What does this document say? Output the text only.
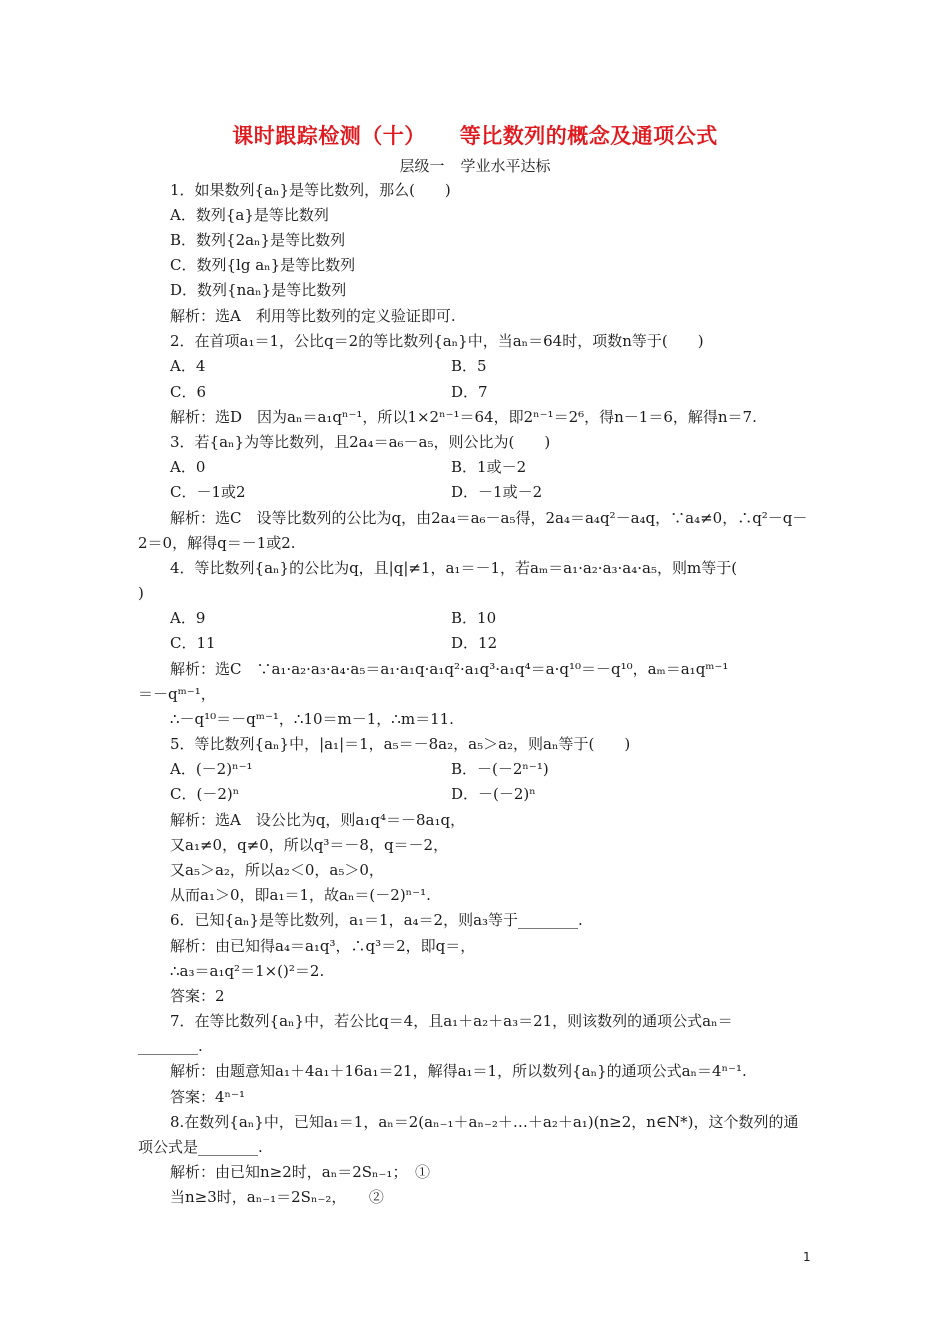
课时跟踪检测（十） 等比数列的概念及通项公式
层级一 学业水平达标
1．如果数列{aₙ}是等比数列，那么(　　)
A．数列{a}是等比数列
B．数列{2aₙ}是等比数列
C．数列{lg aₙ}是等比数列
D．数列{naₙ}是等比数列
解析：选A　利用等比数列的定义验证即可.
2．在首项a₁＝1，公比q＝2的等比数列{aₙ}中，当aₙ＝64时，项数n等于(　　)
A．4	B．5
C．6	D．7
解析：选D　因为aₙ＝a₁qⁿ⁻¹，所以1×2ⁿ⁻¹＝64，即2ⁿ⁻¹＝2⁶，得n－1＝6，解得n＝7.
3．若{aₙ}为等比数列，且2a₄＝a₆－a₅，则公比为(　　)
A．0	B．1或－2
C．－1或2	D．－1或－2
解析：选C　设等比数列的公比为q，由2a₄＝a₆－a₅得，2a₄＝a₄q²－a₄q，∵a₄≠0，∴q²－q－
2＝0，解得q＝－1或2.
4．等比数列{aₙ}的公比为q，且|q|≠1，a₁＝－1，若aₘ＝a₁·a₂·a₃·a₄·a₅，则m等于(
)
A．9	B．10
C．11	D．12
解析：选C　∵a₁·a₂·a₃·a₄·a₅＝a₁·a₁q·a₁q²·a₁q³·a₁q⁴＝a·q¹⁰＝－q¹⁰，aₘ＝a₁qᵐ⁻¹
＝－qᵐ⁻¹，
∴－q¹⁰＝－qᵐ⁻¹，∴10＝m－1，∴m＝11.
5．等比数列{aₙ}中，|a₁|＝1，a₅＝－8a₂，a₅＞a₂，则aₙ等于(　　)
A．(－2)ⁿ⁻¹	B．－(－2ⁿ⁻¹)
C．(－2)ⁿ	D．－(－2)ⁿ
解析：选A　设公比为q，则a₁q⁴＝－8a₁q，
又a₁≠0，q≠0，所以q³＝－8，q＝－2，
又a₅＞a₂，所以a₂＜0，a₅＞0，
从而a₁＞0，即a₁＝1，故aₙ＝(－2)ⁿ⁻¹.
6．已知{aₙ}是等比数列，a₁＝1，a₄＝2，则a₃等于________.
解析：由已知得a₄＝a₁q³，∴q³＝2，即q＝，
∴a₃＝a₁q²＝1×()²＝2.
答案：2
7．在等比数列{aₙ}中，若公比q＝4，且a₁＋a₂＋a₃＝21，则该数列的通项公式aₙ＝
________.
解析：由题意知a₁＋4a₁＋16a₁＝21，解得a₁＝1，所以数列{aₙ}的通项公式aₙ＝4ⁿ⁻¹.
答案：4ⁿ⁻¹
8.在数列{aₙ}中，已知a₁＝1，aₙ＝2(aₙ₋₁＋aₙ₋₂＋…＋a₂＋a₁)(n≥2，n∈N*)，这个数列的通
项公式是________.
解析：由已知n≥2时，aₙ＝2Sₙ₋₁；　①
当n≥3时，aₙ₋₁＝2Sₙ₋₂，　　②
1
